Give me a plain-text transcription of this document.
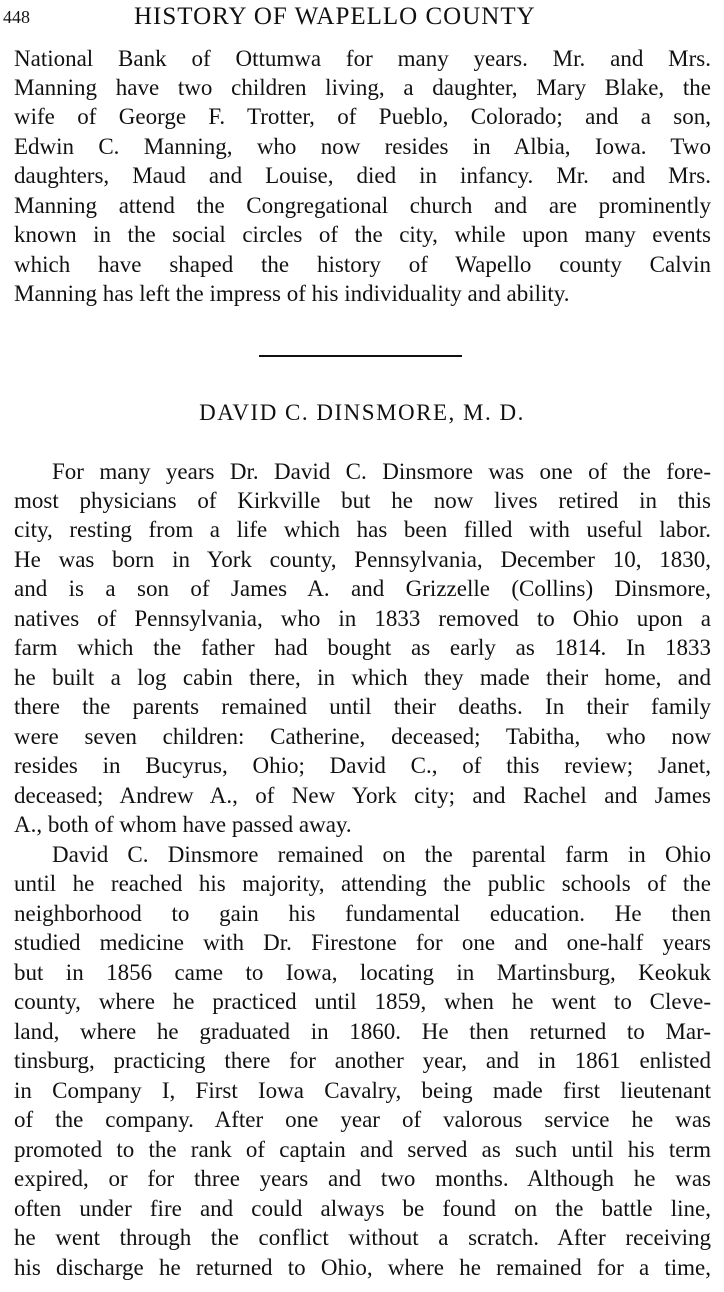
448	HISTORY OF WAPELLO COUNTY
National Bank of Ottumwa for many years. Mr. and Mrs.
Manning have two children living, a daughter, Mary Blake, the
wife of George F. Trotter, of Pueblo, Colorado; and a son,
Edwin C. Manning, who now resides in Albia, Iowa. Two
daughters, Maud and Louise, died in infancy. Mr. and Mrs.
Manning attend the Congregational church and are prominently
known in the social circles of the city, while upon many events
which have shaped the history of Wapello county Calvin
Manning has left the impress of his individuality and ability.
DAVID C. DINSMORE, M. D.
For many years Dr. David C. Dinsmore was one of the fore-
most physicians of Kirkville but he now lives retired in this
city, resting from a life which has been filled with useful labor.
He was born in York county, Pennsylvania, December 10, 1830,
and is a son of James A. and Grizzelle (Collins) Dinsmore,
natives of Pennsylvania, who in 1833 removed to Ohio upon a
farm which the father had bought as early as 1814. In 1833
he built a log cabin there, in which they made their home, and
there the parents remained until their deaths. In their family
were seven children: Catherine, deceased; Tabitha, who now
resides in Bucyrus, Ohio; David C., of this review; Janet,
deceased; Andrew A., of New York city; and Rachel and James
A., both of whom have passed away.
David C. Dinsmore remained on the parental farm in Ohio
until he reached his majority, attending the public schools of the
neighborhood to gain his fundamental education. He then
studied medicine with Dr. Firestone for one and one-half years
but in 1856 came to Iowa, locating in Martinsburg, Keokuk
county, where he practiced until 1859, when he went to Cleve-
land, where he graduated in 1860. He then returned to Mar-
tinsburg, practicing there for another year, and in 1861 enlisted
in Company I, First Iowa Cavalry, being made first lieutenant
of the company. After one year of valorous service he was
promoted to the rank of captain and served as such until his term
expired, or for three years and two months. Although he was
often under fire and could always be found on the battle line,
he went through the conflict without a scratch. After receiving
his discharge he returned to Ohio, where he remained for a time,
